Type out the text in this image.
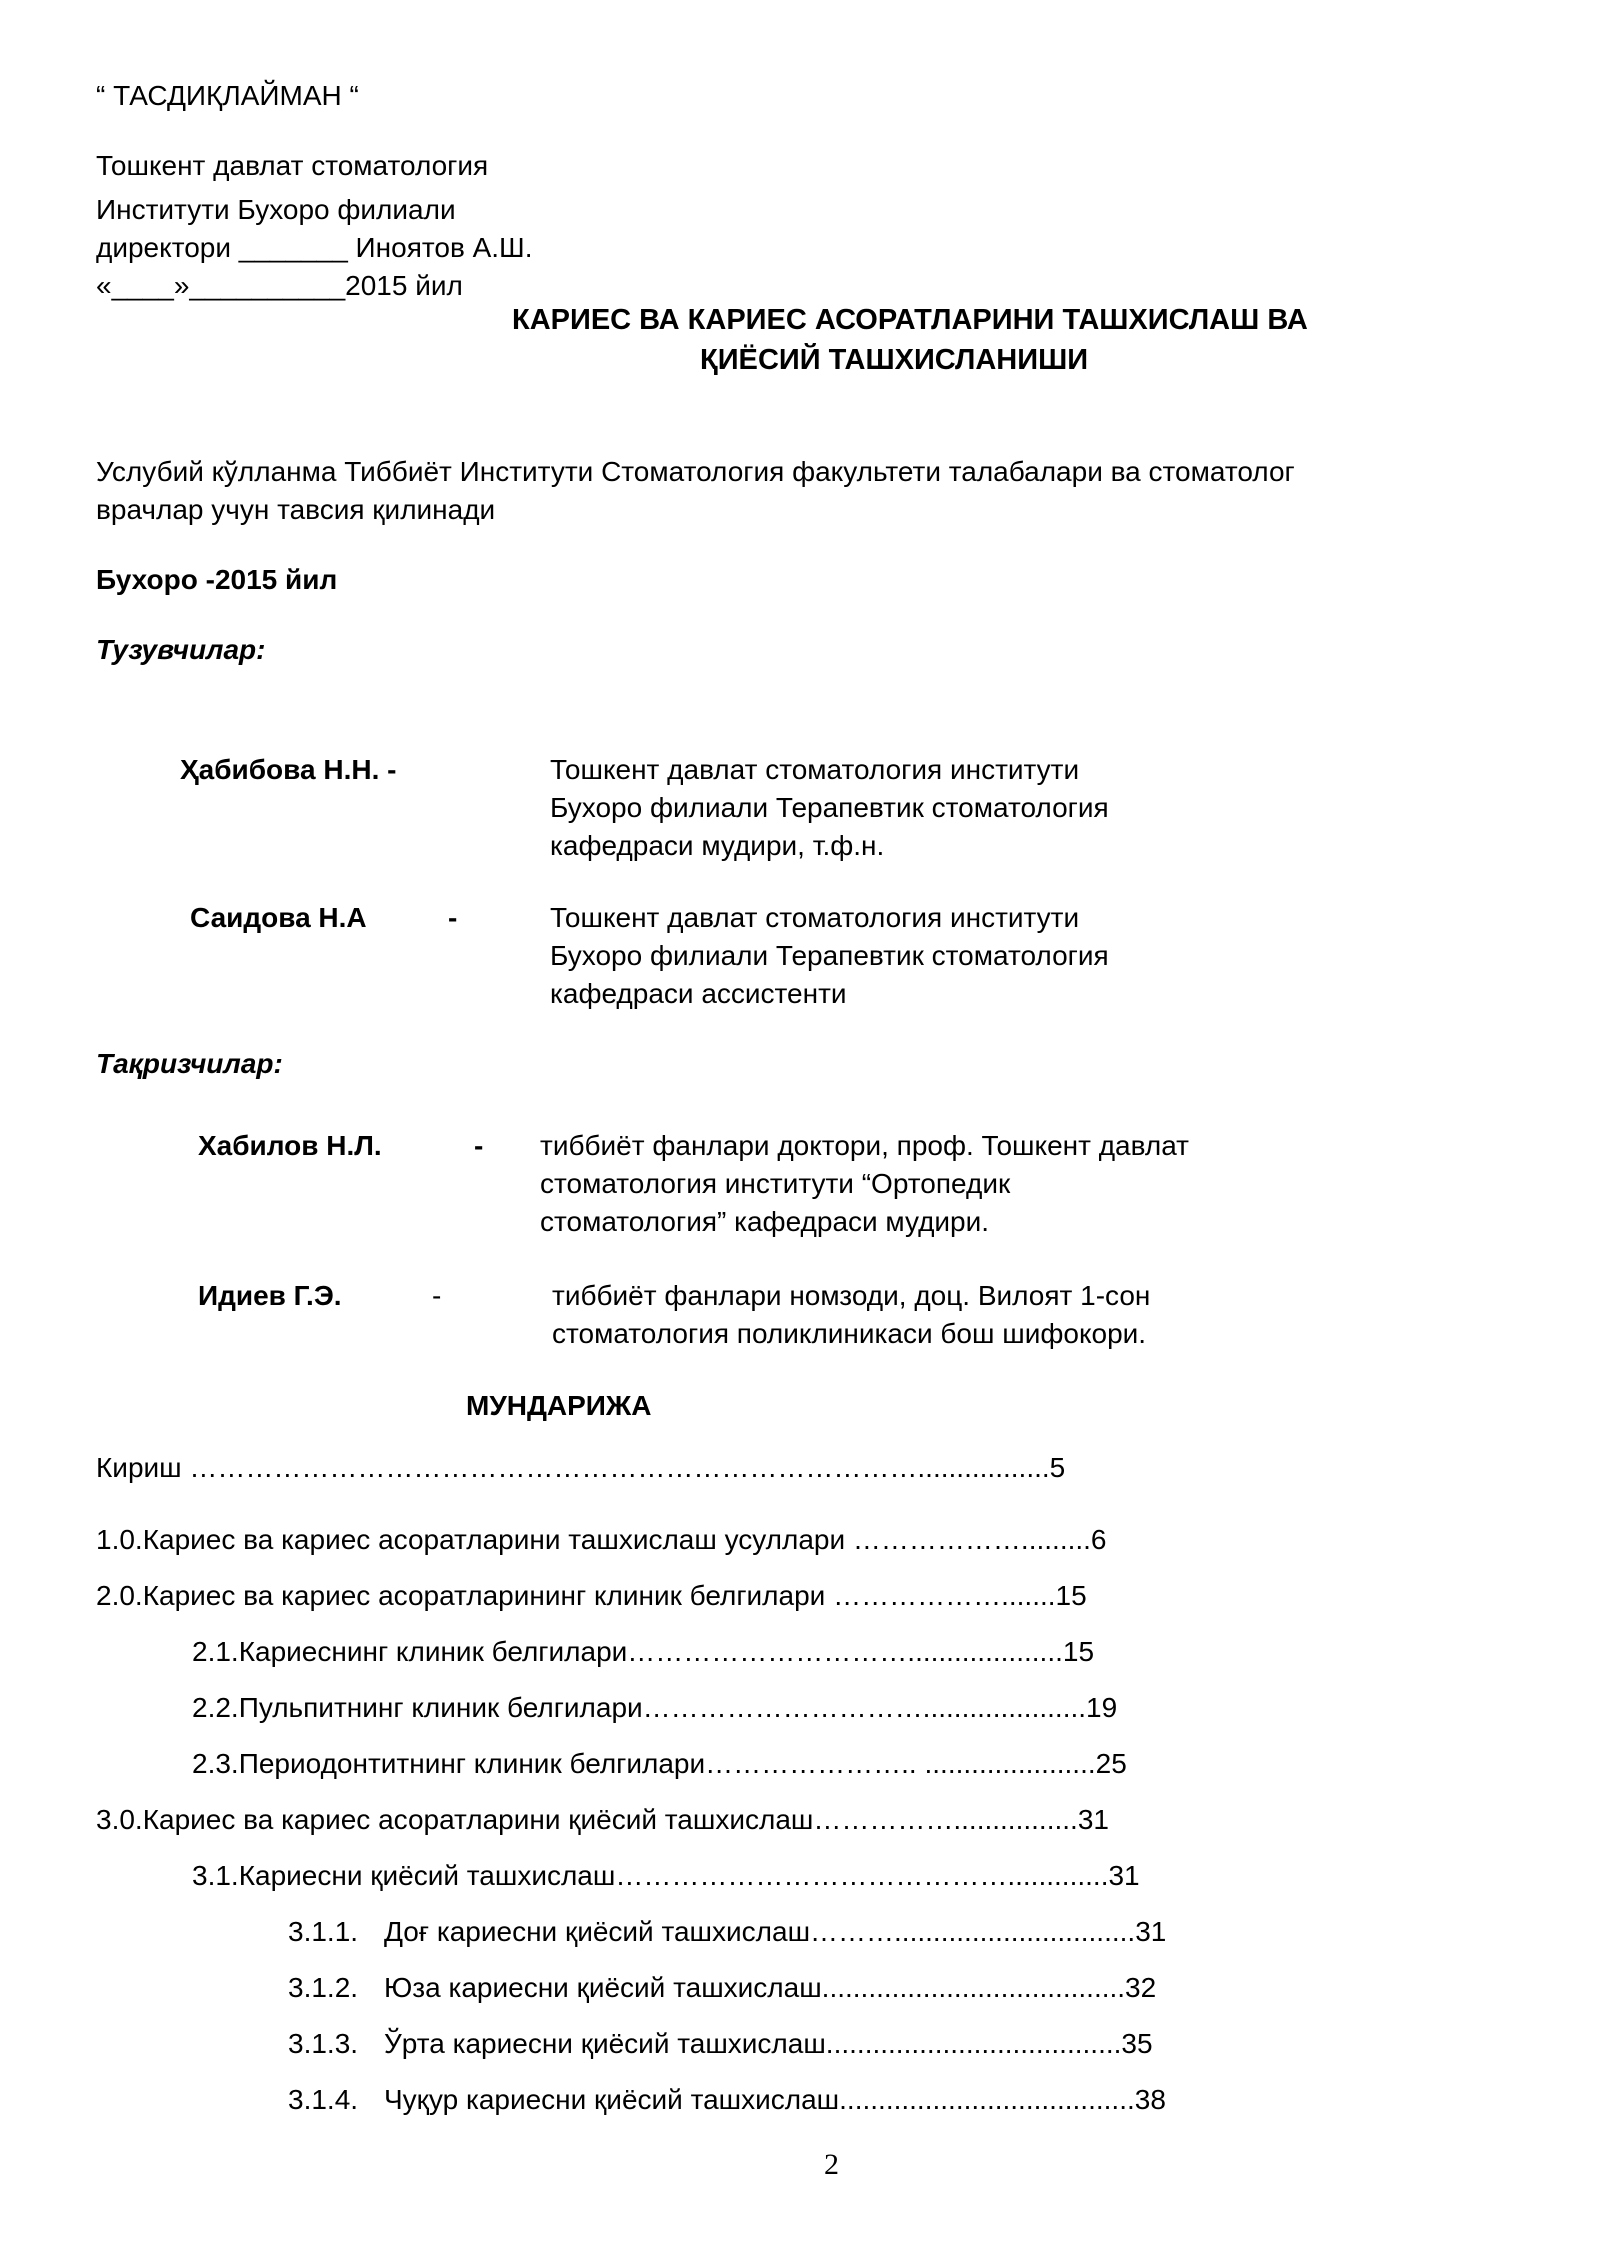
“ ТАСДИҚЛАЙМАН “
Тошкент давлат стоматология
Институти Бухоро филиали
директори _______ Иноятов А.Ш.
«____»__________2015 йил
КАРИЕС ВА КАРИЕС АСОРАТЛАРИНИ ТАШХИСЛАШ ВА
ҚИЁСИЙ ТАШХИСЛАНИШИ
Услубий кўлланма Тиббиёт Институти Стоматология факультети талабалари ва стоматолог
врачлар учун тавсия қилинади
Бухоро -2015 йил
Тузувчилар:
Ҳабибова Н.Н. -	Тошкент давлат стоматология институти
Бухоро филиали Терапевтик стоматология
кафедраси мудири, т.ф.н.
Саидова Н.А	-	Тошкент давлат стоматология институти
Бухоро филиали Терапевтик стоматология
кафедраси ассистенти
Тақризчилар:
Хабилов Н.Л.	- тиббиёт фанлари доктори, проф. Тошкент давлат
стоматология институти “Ортопедик
стоматология” кафедраси мудири.
Идиев Г.Э.	-	тиббиёт фанлари номзоди, доц. Вилоят 1-сон
стоматология поликлиникаси бош шифокори.
МУНДАРИЖА
Кириш …………………………………………………………………….................5
1.0.Кариес ва кариес асоратларини ташхислаш усуллари ……………….........6
2.0.Кариес ва кариес асоратларининг клиник белгилари ……………….......15
2.1.Кариеснинг клиник белгилари…………………………....................15
2.2.Пульпитнинг клиник белгилари………………………….....................19
2.3.Периодонтитнинг клиник белгилари………………….. ......................25
3.0.Кариес ва кариес асоратларини қиёсий ташхислаш……………................31
3.1.Кариесни қиёсий ташхислаш…………………………………….............31
3.1.1. Доғ кариесни қиёсий ташхислаш………...............................31
3.1.2. Юза кариесни қиёсий ташхислаш.......................................32
3.1.3. Ўрта кариесни қиёсий ташхислаш......................................35
3.1.4. Чуқур кариесни қиёсий ташхислаш......................................38
2
